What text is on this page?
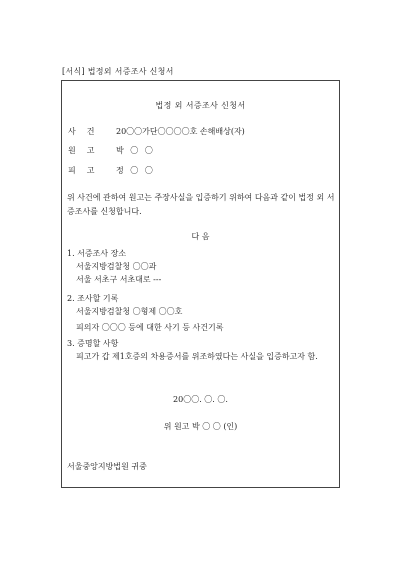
[서식] 법정외 서증조사 신청서
법정 외 서증조사 신청서
사건 20〇〇가단〇〇〇〇호 손해배상(자)
원고 박 〇 〇
피고 정 〇 〇
위 사건에 관하여 원고는 주장사실을 입증하기 위하여 다음과 같이 법정 외 서증조사를 신청합니다.
다 음
1. 서증조사 장소
서울지방검찰청 〇〇과
서울 서초구 서초대로 ---
2. 조사할 기록
서울지방검찰청 〇형제 〇〇호
피의자 〇〇〇 등에 대한 사기 등 사건기록
3. 증명할 사항
피고가 갑 제1호증의 차용증서를 위조하였다는 사실을 입증하고자 함.
20〇〇. 〇. 〇.
위 원고 박 〇 〇 (인)
서울중앙지방법원 귀중
